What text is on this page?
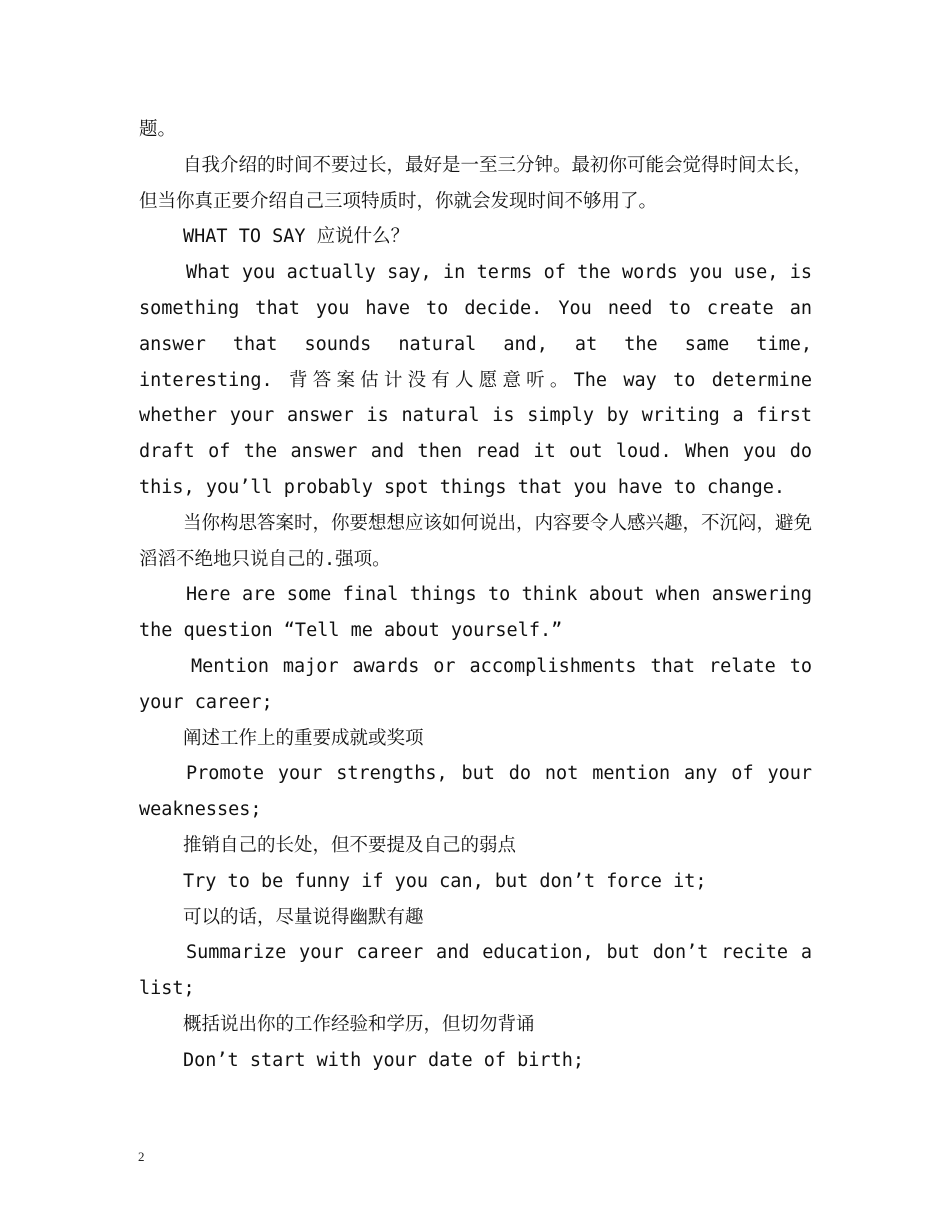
题。

自我介绍的时间不要过长，最好是一至三分钟。最初你可能会觉得时间太长，但当你真正要介绍自己三项特质时，你就会发现时间不够用了。

WHAT TO SAY 应说什么？

What you actually say, in terms of the words you use, is something that you have to decide. You need to create an answer that sounds natural and, at the same time, interesting. 背答案估计没有人愿意听。The way to determine whether your answer is natural is simply by writing a first draft of the answer and then read it out loud. When you do this, you’ll probably spot things that you have to change.

当你构思答案时，你要想想应该如何说出，内容要令人感兴趣，不沉闷，避免滔滔不绝地只说自己的.强项。

Here are some final things to think about when answering the question “Tell me about yourself.”

Mention major awards or accomplishments that relate to your career;

阐述工作上的重要成就或奖项

Promote your strengths, but do not mention any of your weaknesses;

推销自己的长处，但不要提及自己的弱点

Try to be funny if you can, but don’t force it;

可以的话，尽量说得幽默有趣

Summarize your career and education, but don’t recite a list;

概括说出你的工作经验和学历，但切勿背诵

Don’t start with your date of birth;

2
